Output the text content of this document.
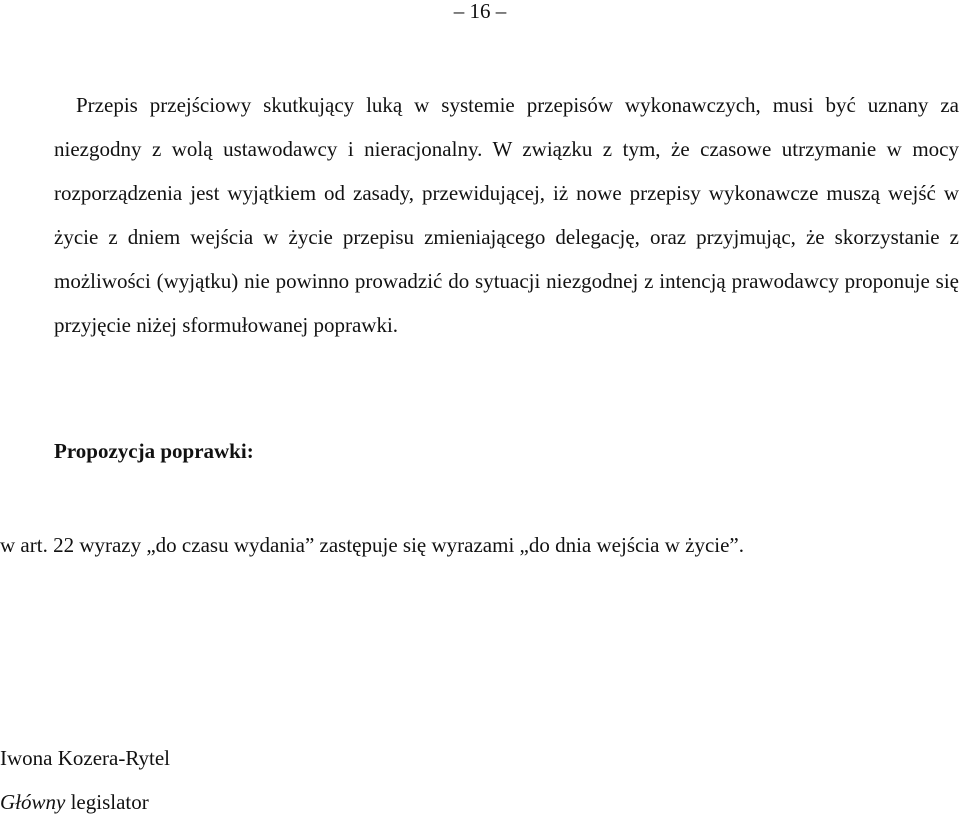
– 16 –

Przepis przejściowy skutkujący luką w systemie przepisów wykonawczych, musi być uznany za niezgodny z wolą ustawodawcy i nieracjonalny. W związku z tym, że czasowe utrzymanie w mocy rozporządzenia jest wyjątkiem od zasady, przewidującej, iż nowe przepisy wykonawcze muszą wejść w życie z dniem wejścia w życie przepisu zmieniającego delegację, oraz przyjmując, że skorzystanie z możliwości (wyjątku) nie powinno prowadzić do sytuacji niezgodnej z intencją prawodawcy proponuje się przyjęcie niżej sformułowanej poprawki.

Propozycja poprawki:

w art. 22 wyrazy „do czasu wydania” zastępuje się wyrazami „do dnia wejścia w życie”.

Iwona Kozera-Rytel

Główny legislator
